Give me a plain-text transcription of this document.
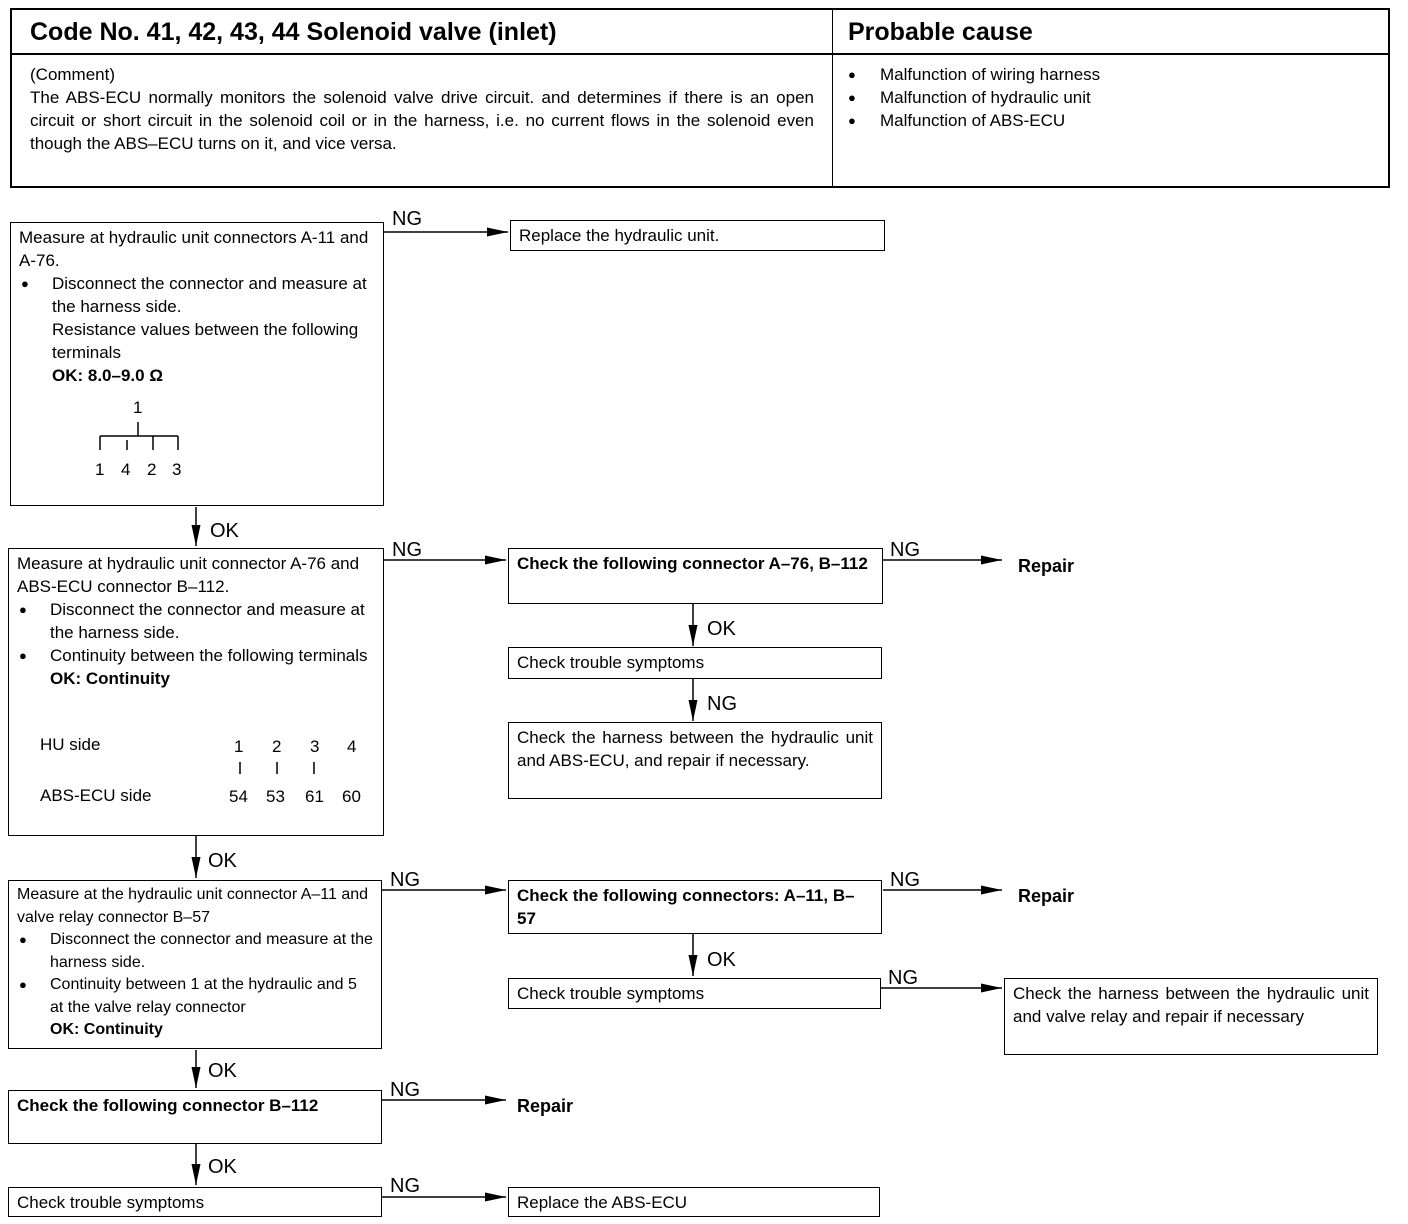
Code No. 41, 42, 43, 44 Solenoid valve (inlet)	Probable cause
(Comment)
The ABS-ECU normally monitors the solenoid valve drive circuit. and determines if there is an open circuit or short circuit in the solenoid coil or in the harness, i.e. no current flows in the solenoid even though the ABS–ECU turns on it, and vice versa.
● Malfunction of wiring harness
● Malfunction of hydraulic unit
● Malfunction of ABS-ECU
NG
OK
NG	NG
Repair
OK
NG
OK
NG	NG
Repair
OK
NG
OK
NG
Repair
OK
NG
Measure at hydraulic unit connectors A-11 and A-76.
● Disconnect the connector and measure at the harness side.
Resistance values between the following terminals
OK: 8.0–9.0 Ω
1
1 4 2 3
Replace the hydraulic unit.
Measure at hydraulic unit connector A-76 and ABS-ECU connector B–112.
● Disconnect the connector and measure at the harness side.
● Continuity between the following terminals
OK: Continuity
HU side	1 2 3 4
ABS-ECU side	54 53 61 60
Check the following connector A–76, B–112
Check trouble symptoms
Check the harness between the hydraulic unit and ABS-ECU, and repair if necessary.
Measure at the hydraulic unit connector A–11 and valve relay connector B–57
● Disconnect the connector and measure at the harness side.
● Continuity between 1 at the hydraulic and 5 at the valve relay connector
OK: Continuity
Check the following connectors: A–11, B–57
Check trouble symptoms	Check the harness between the hydraulic unit and valve relay and repair if necessary
Check the following connector B–112
Check trouble symptoms	Replace the ABS-ECU
